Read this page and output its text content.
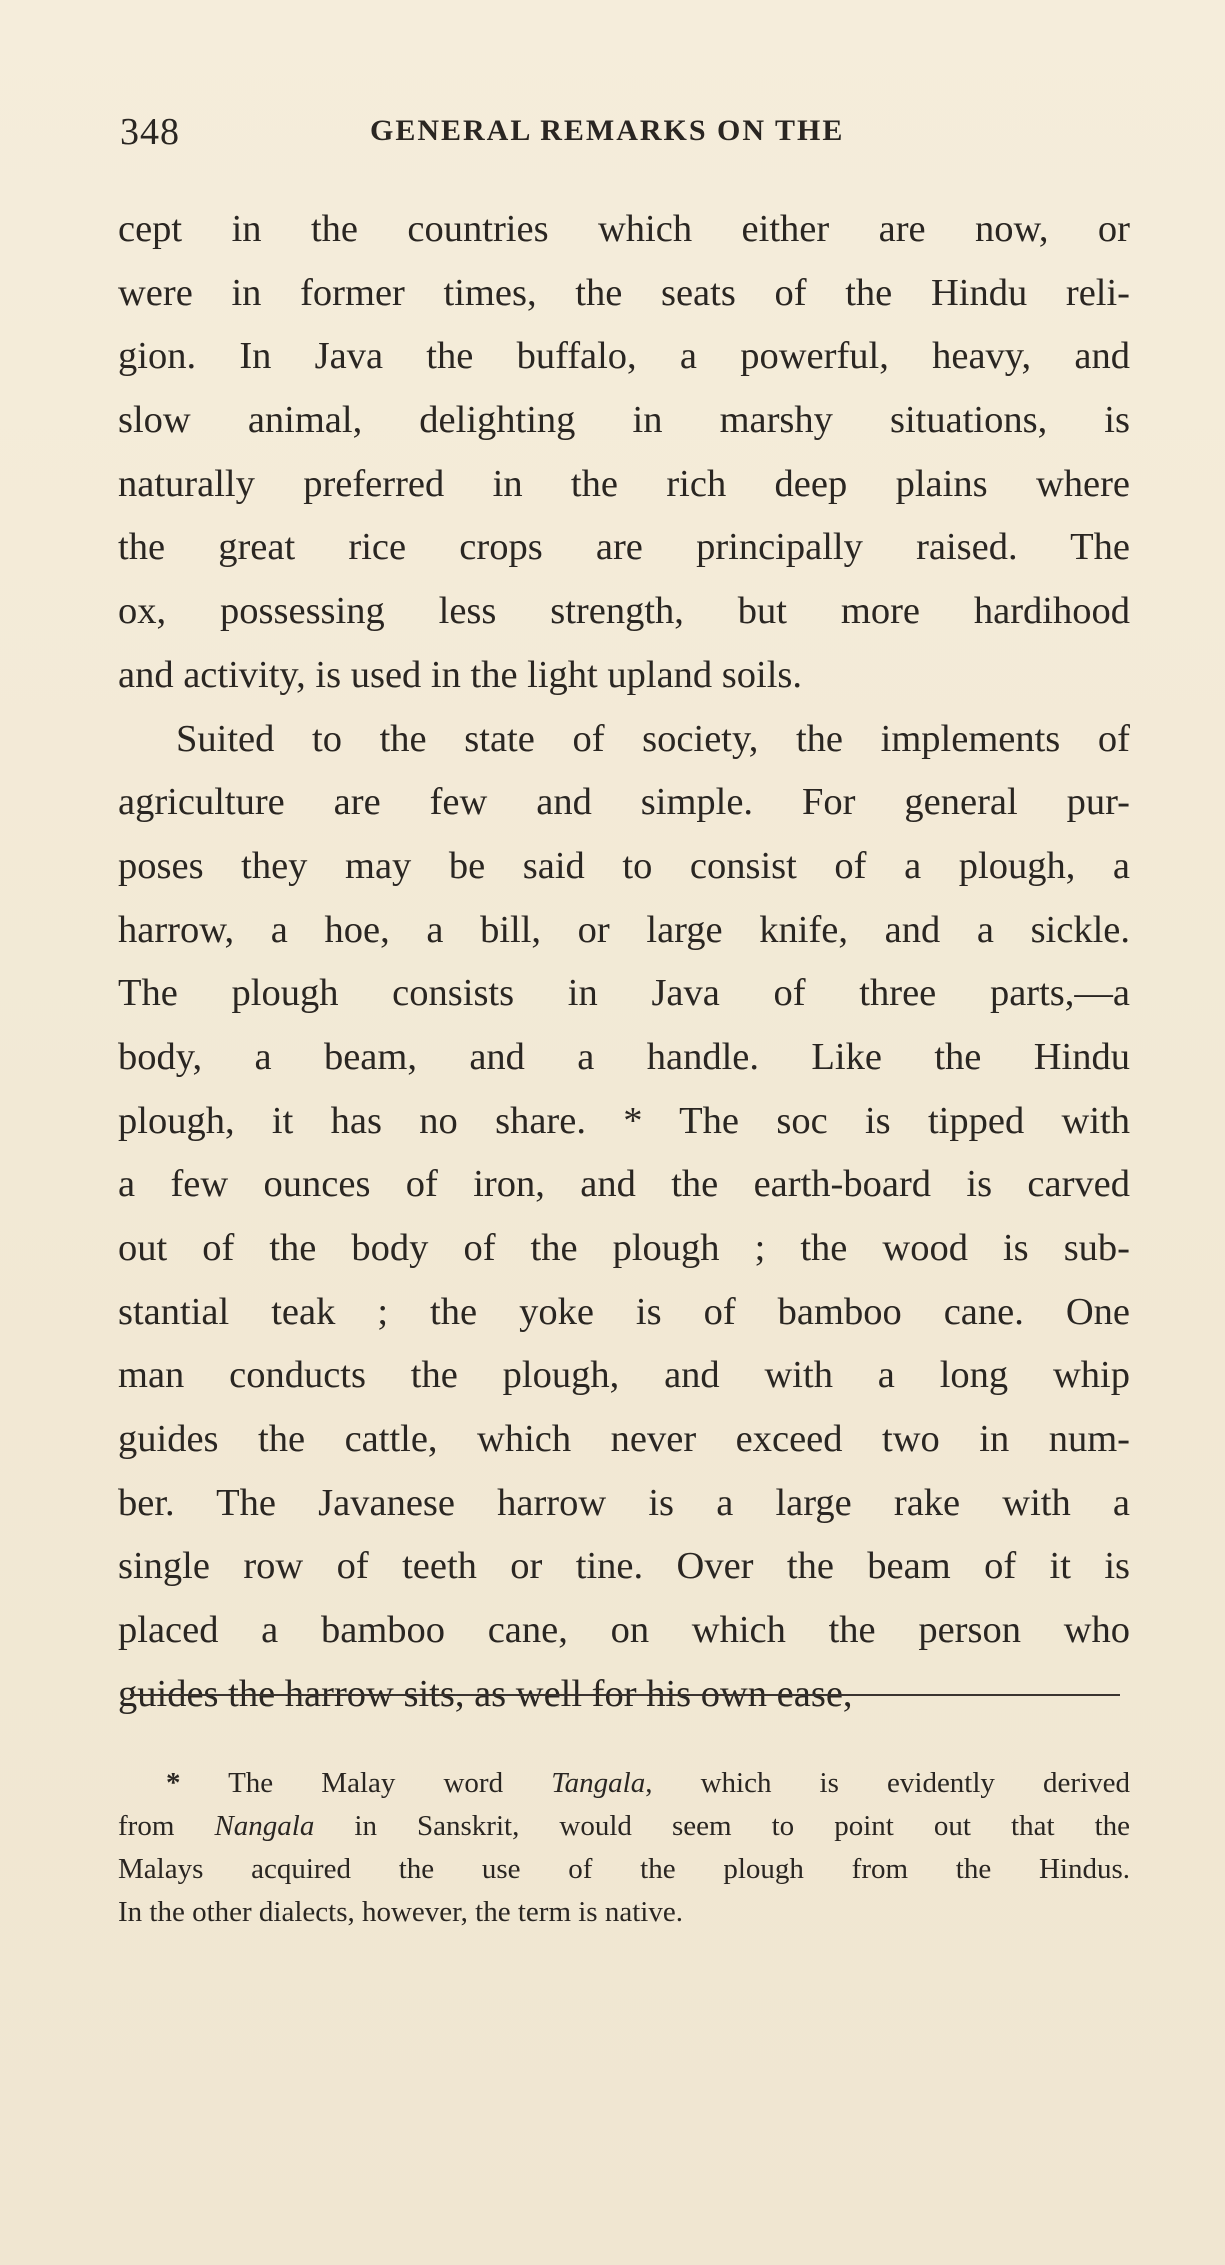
348	GENERAL REMARKS ON THE
cept in the countries which either are now, or
were in former times, the seats of the Hindu reli-
gion. In Java the buffalo, a powerful, heavy, and
slow animal, delighting in marshy situations, is
naturally preferred in the rich deep plains where
the great rice crops are principally raised. The
ox, possessing less strength, but more hardihood
and activity, is used in the light upland soils.
Suited to the state of society, the implements of
agriculture are few and simple. For general pur-
poses they may be said to consist of a plough, a
harrow, a hoe, a bill, or large knife, and a sickle.
The plough consists in Java of three parts,—a
body, a beam, and a handle. Like the Hindu
plough, it has no share. * The soc is tipped with
a few ounces of iron, and the earth-board is carved
out of the body of the plough ; the wood is sub-
stantial teak ; the yoke is of bamboo cane. One
man conducts the plough, and with a long whip
guides the cattle, which never exceed two in num-
ber. The Javanese harrow is a large rake with a
single row of teeth or tine. Over the beam of it is
placed a bamboo cane, on which the person who
guides the harrow sits, as well for his own ease,
* The Malay word Tangala, which is evidently derived
from Nangala in Sanskrit, would seem to point out that the
Malays acquired the use of the plough from the Hindus.
In the other dialects, however, the term is native.
